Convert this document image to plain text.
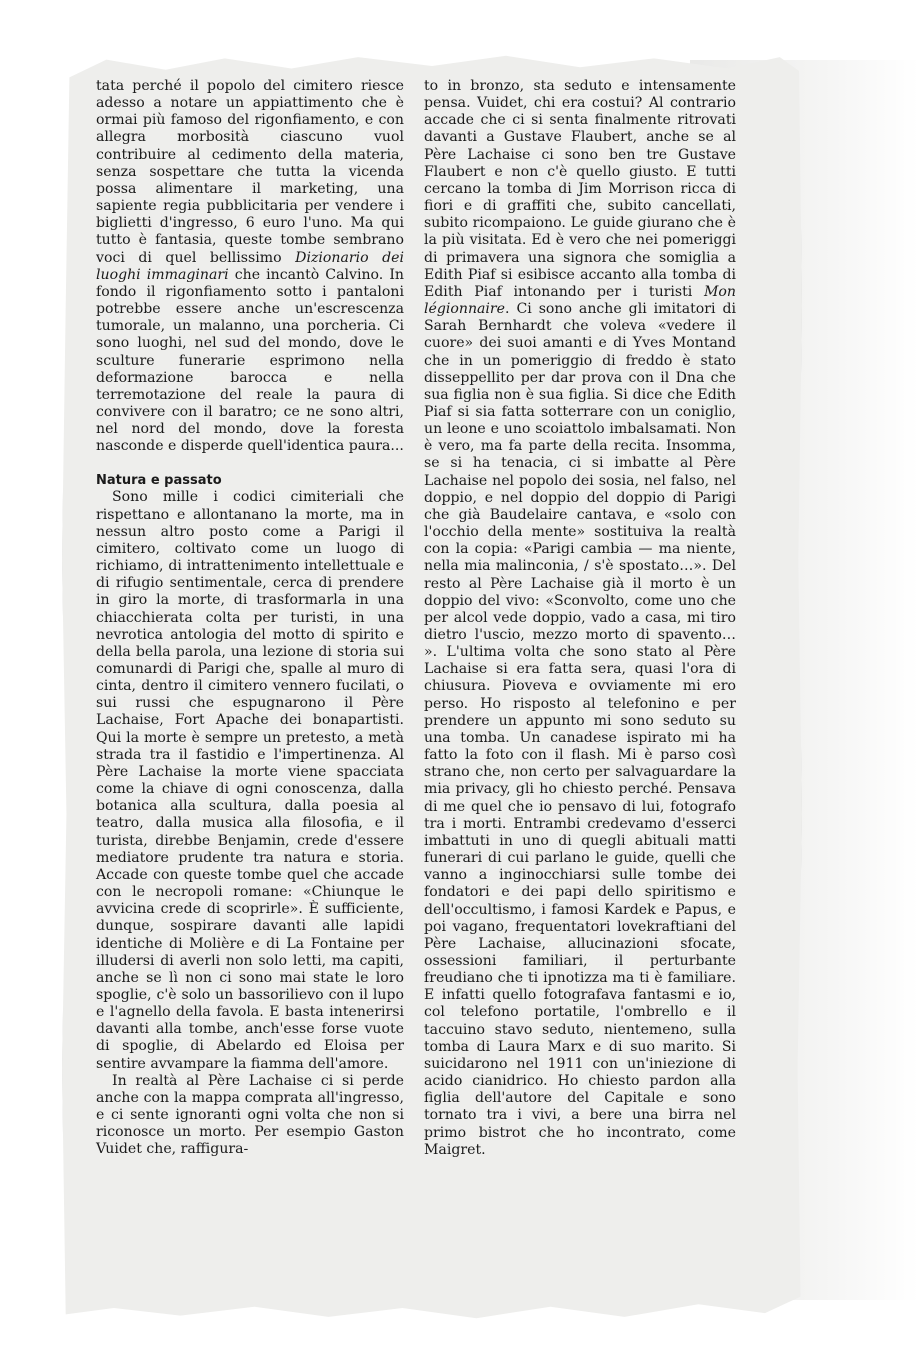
tata perché il popolo del cimitero riesce adesso a notare un appiattimento che è ormai più famoso del rigonfiamento, e con allegra morbosità ciascuno vuol contribuire al cedimento della materia, senza sospettare che tutta la vicenda possa alimentare il marketing, una sapiente regia pubblicitaria per vendere i biglietti d'ingresso, 6 euro l'uno. Ma qui tutto è fantasia, queste tombe sembrano voci di quel bellissimo Dizionario dei luoghi immaginari che incantò Calvino. In fondo il rigonfiamento sotto i pantaloni potrebbe essere anche un'escrescenza tumorale, un malanno, una porcheria. Ci sono luoghi, nel sud del mondo, dove le sculture funerarie esprimono nella deformazione barocca e nella terremotazione del reale la paura di convivere con il baratro; ce ne sono altri, nel nord del mondo, dove la foresta nasconde e disperde quell'identica paura...

Natura e passato

Sono mille i codici cimiteriali che rispettano e allontanano la morte, ma in nessun altro posto come a Parigi il cimitero, coltivato come un luogo di richiamo, di intrattenimento intellettuale e di rifugio sentimentale, cerca di prendere in giro la morte, di trasformarla in una chiacchierata colta per turisti, in una nevrotica antologia del motto di spirito e della bella parola, una lezione di storia sui comunardi di Parigi che, spalle al muro di cinta, dentro il cimitero vennero fucilati, o sui russi che espugnarono il Père Lachaise, Fort Apache dei bonapartisti. Qui la morte è sempre un pretesto, a metà strada tra il fastidio e l'impertinenza. Al Père Lachaise la morte viene spacciata come la chiave di ogni conoscenza, dalla botanica alla scultura, dalla poesia al teatro, dalla musica alla filosofia, e il turista, direbbe Benjamin, crede d'essere mediatore prudente tra natura e storia. Accade con queste tombe quel che accade con le necropoli romane: «Chiunque le avvicina crede di scoprirle». È sufficiente, dunque, sospirare davanti alle lapidi identiche di Molière e di La Fontaine per illudersi di averli non solo letti, ma capiti, anche se lì non ci sono mai state le loro spoglie, c'è solo un bassorilievo con il lupo e l'agnello della favola. E basta intenerirsi davanti alla tombe, anch'esse forse vuote di spoglie, di Abelardo ed Eloisa per sentire avvampare la fiamma dell'amore.

In realtà al Père Lachaise ci si perde anche con la mappa comprata all'ingresso, e ci sente ignoranti ogni volta che non si riconosce un morto. Per esempio Gaston Vuidet che, raffigura-

to in bronzo, sta seduto e intensamente pensa. Vuidet, chi era costui? Al contrario accade che ci si senta finalmente ritrovati davanti a Gustave Flaubert, anche se al Père Lachaise ci sono ben tre Gustave Flaubert e non c'è quello giusto. E tutti cercano la tomba di Jim Morrison ricca di fiori e di graffiti che, subito cancellati, subito ricompaiono. Le guide giurano che è la più visitata. Ed è vero che nei pomeriggi di primavera una signora che somiglia a Edith Piaf si esibisce accanto alla tomba di Edith Piaf intonando per i turisti Mon légionnaire. Ci sono anche gli imitatori di Sarah Bernhardt che voleva «vedere il cuore» dei suoi amanti e di Yves Montand che in un pomeriggio di freddo è stato disseppellito per dar prova con il Dna che sua figlia non è sua figlia. Si dice che Edith Piaf si sia fatta sotterrare con un coniglio, un leone e uno scoiattolo imbalsamati. Non è vero, ma fa parte della recita. Insomma, se si ha tenacia, ci si imbatte al Père Lachaise nel popolo dei sosia, nel falso, nel doppio, e nel doppio del doppio di Parigi che già Baudelaire cantava, e «solo con l'occhio della mente» sostituiva la realtà con la copia: «Parigi cambia — ma niente, nella mia malinconia, / s'è spostato…». Del resto al Père Lachaise già il morto è un doppio del vivo: «Sconvolto, come uno che per alcol vede doppio, vado a casa, mi tiro dietro l'uscio, mezzo morto di spavento… ». L'ultima volta che sono stato al Père Lachaise si era fatta sera, quasi l'ora di chiusura. Pioveva e ovviamente mi ero perso. Ho risposto al telefonino e per prendere un appunto mi sono seduto su una tomba. Un canadese ispirato mi ha fatto la foto con il flash. Mi è parso così strano che, non certo per salvaguardare la mia privacy, gli ho chiesto perché. Pensava di me quel che io pensavo di lui, fotografo tra i morti. Entrambi credevamo d'esserci imbattuti in uno di quegli abituali matti funerari di cui parlano le guide, quelli che vanno a inginocchiarsi sulle tombe dei fondatori e dei papi dello spiritismo e dell'occultismo, i famosi Kardek e Papus, e poi vagano, frequentatori lovekraftiani del Père Lachaise, allucinazioni sfocate, ossessioni familiari, il perturbante freudiano che ti ipnotizza ma ti è familiare. E infatti quello fotografava fantasmi e io, col telefono portatile, l'ombrello e il taccuino stavo seduto, nientemeno, sulla tomba di Laura Marx e di suo marito. Si suicidarono nel 1911 con un'iniezione di acido cianidrico. Ho chiesto pardon alla figlia dell'autore del Capitale e sono tornato tra i vivi, a bere una birra nel primo bistrot che ho incontrato, come Maigret.
